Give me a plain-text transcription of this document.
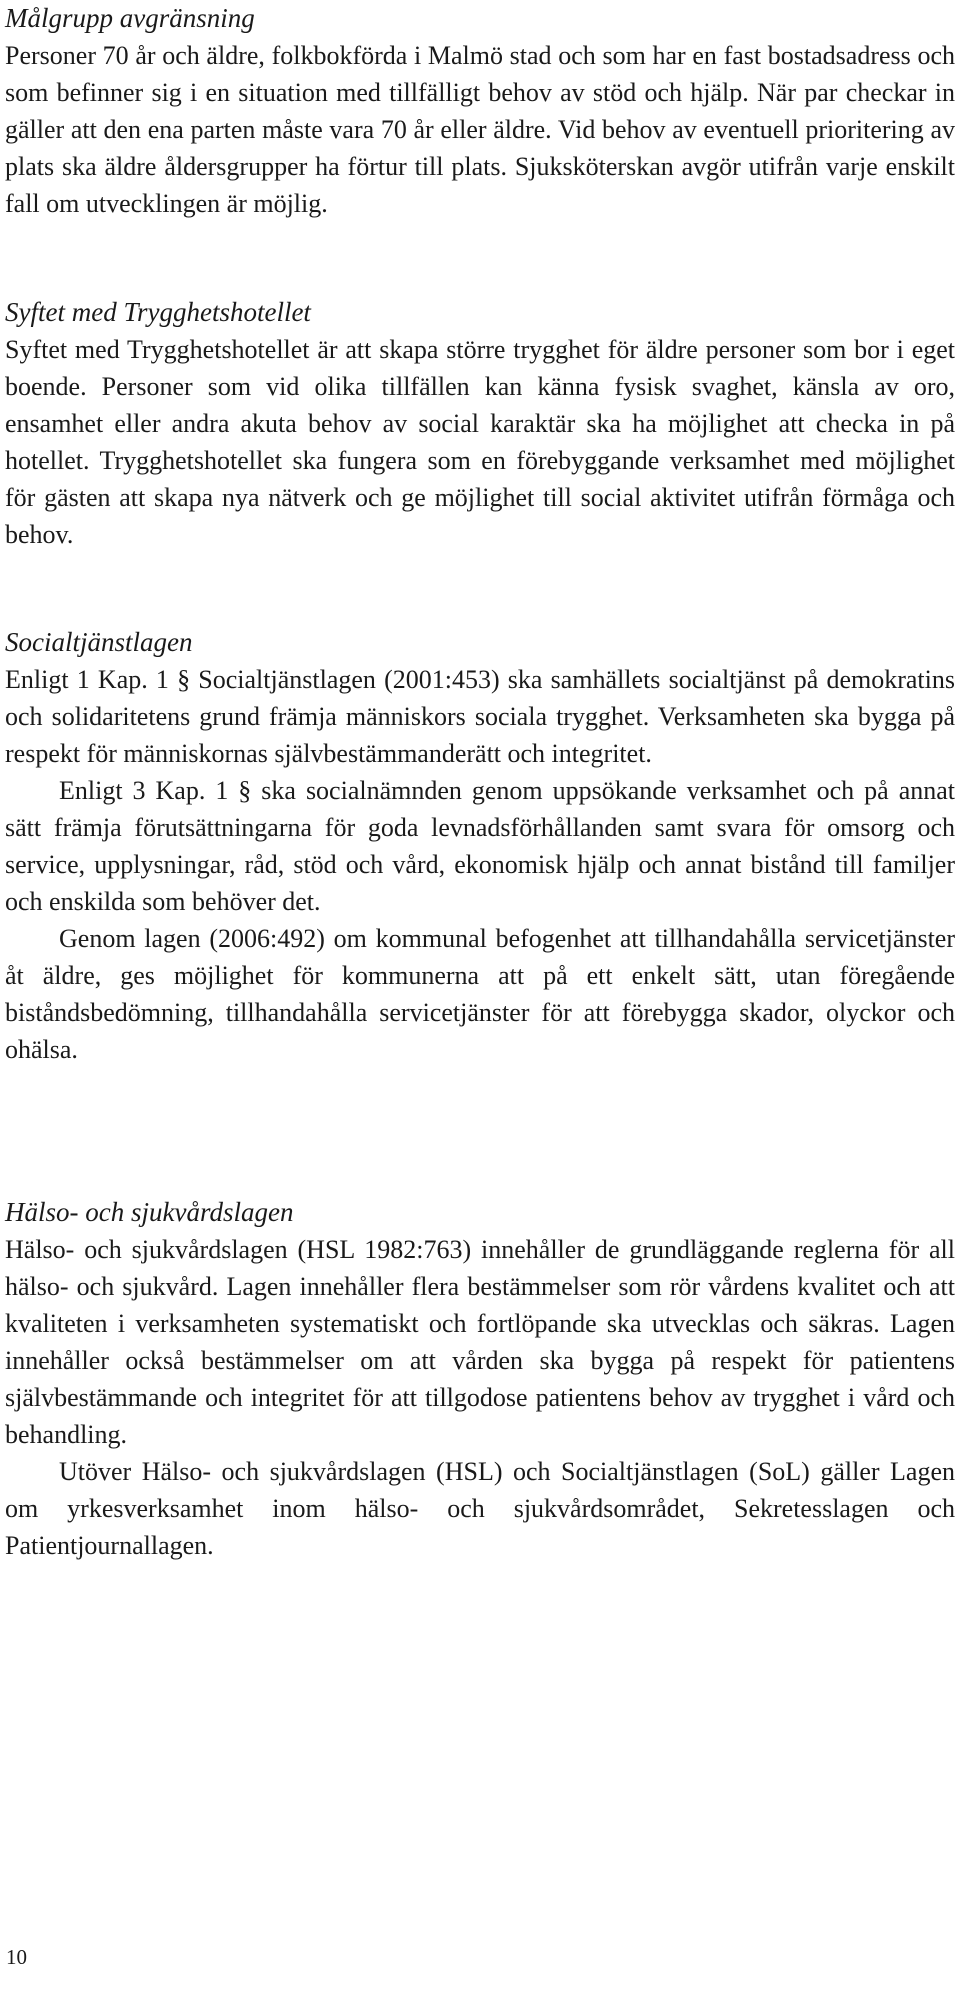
Målgrupp avgränsning

Personer 70 år och äldre, folkbokförda i Malmö stad och som har en fast bostadsadress och som befinner sig i en situation med tillfälligt behov av stöd och hjälp. När par checkar in gäller att den ena parten måste vara 70 år eller äldre. Vid behov av eventuell prioritering av plats ska äldre åldersgrupper ha förtur till plats. Sjuksköterskan avgör utifrån varje enskilt fall om utvecklingen är möjlig.

Syftet med Trygghetshotellet

Syftet med Trygghetshotellet är att skapa större trygghet för äldre personer som bor i eget boende. Personer som vid olika tillfällen kan känna fysisk svaghet, känsla av oro, ensamhet eller andra akuta behov av social karaktär ska ha möjlighet att checka in på hotellet. Trygghetshotellet ska fungera som en förebyggande verksamhet med möjlighet för gästen att skapa nya nätverk och ge möjlighet till social aktivitet utifrån förmåga och behov.

Socialtjänstlagen

Enligt 1 Kap. 1 § Socialtjänstlagen (2001:453) ska samhällets socialtjänst på demokratins och solidaritetens grund främja människors sociala trygghet. Verksamheten ska bygga på respekt för människornas självbestämmanderätt och integritet.

Enligt 3 Kap. 1 § ska socialnämnden genom uppsökande verksamhet och på annat sätt främja förutsättningarna för goda levnadsförhållanden samt svara för omsorg och service, upplysningar, råd, stöd och vård, ekonomisk hjälp och annat bistånd till familjer och enskilda som behöver det.

Genom lagen (2006:492) om kommunal befogenhet att tillhandahålla servicetjänster åt äldre, ges möjlighet för kommunerna att på ett enkelt sätt, utan föregående biståndsbedömning, tillhandahålla servicetjänster för att förebygga skador, olyckor och ohälsa.

Hälso- och sjukvårdslagen

Hälso- och sjukvårdslagen (HSL 1982:763) innehåller de grundläggande reglerna för all hälso- och sjukvård. Lagen innehåller flera bestämmelser som rör vårdens kvalitet och att kvaliteten i verksamheten systematiskt och fortlöpande ska utvecklas och säkras. Lagen innehåller också bestämmelser om att vården ska bygga på respekt för patientens självbestämmande och integritet för att tillgodose patientens behov av trygghet i vård och behandling.

Utöver Hälso- och sjukvårdslagen (HSL) och Socialtjänstlagen (SoL) gäller Lagen om yrkesverksamhet inom hälso- och sjukvårdsområdet, Sekretesslagen och Patientjournallagen.

10
